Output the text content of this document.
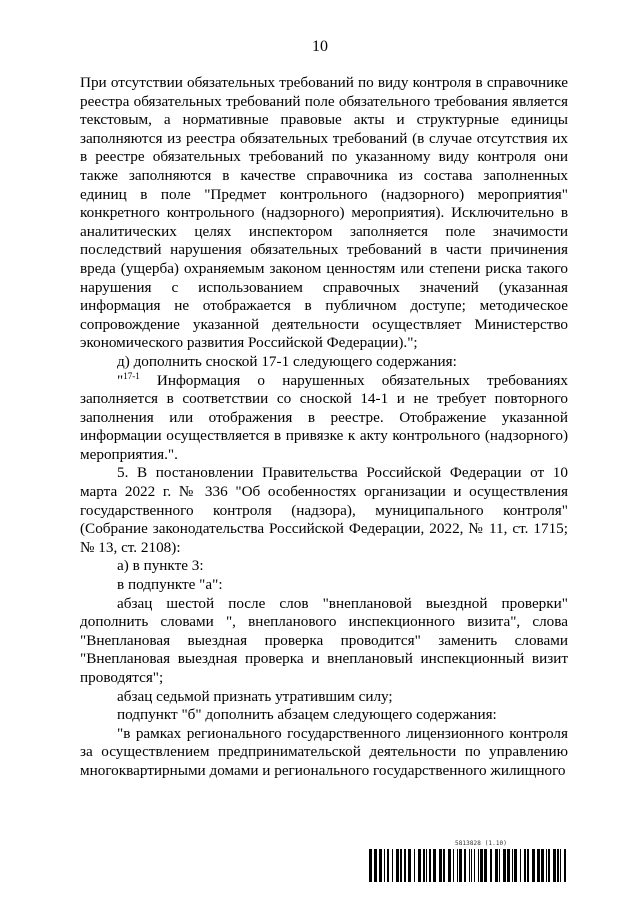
10

При отсутствии обязательных требований по виду контроля в справочнике реестра обязательных требований поле обязательного требования является текстовым, а нормативные правовые акты и структурные единицы заполняются из реестра обязательных требований (в случае отсутствия их в реестре обязательных требований по указанному виду контроля они также заполняются в качестве справочника из состава заполненных единиц в поле "Предмет контрольного (надзорного) мероприятия" конкретного контрольного (надзорного) мероприятия). Исключительно в аналитических целях инспектором заполняется поле значимости последствий нарушения обязательных требований в части причинения вреда (ущерба) охраняемым законом ценностям или степени риска такого нарушения с использованием справочных значений (указанная информация не отображается в публичном доступе; методическое сопровождение указанной деятельности осуществляет Министерство экономического развития Российской Федерации).";

д) дополнить сноской 17-1 следующего содержания:

"$^{17-1}$ Информация о нарушенных обязательных требованиях заполняется в соответствии со сноской 14-1 и не требует повторного заполнения или отображения в реестре. Отображение указанной информации осуществляется в привязке к акту контрольного (надзорного) мероприятия.".

5. В постановлении Правительства Российской Федерации от 10 марта 2022 г. № 336 "Об особенностях организации и осуществления государственного контроля (надзора), муниципального контроля" (Собрание законодательства Российской Федерации, 2022, № 11, ст. 1715; № 13, ст. 2108):

а) в пункте 3:

в подпункте "а":

абзац шестой после слов "внеплановой выездной проверки" дополнить словами ", внепланового инспекционного визита", слова "Внеплановая выездная проверка проводится" заменить словами "Внеплановая выездная проверка и внеплановый инспекционный визит проводятся";

абзац седьмой признать утратившим силу;

подпункт "б" дополнить абзацем следующего содержания:

"в рамках регионального государственного лицензионного контроля за осуществлением предпринимательской деятельности по управлению многоквартирными домами и регионального государственного жилищного

5813828 (1.10)
